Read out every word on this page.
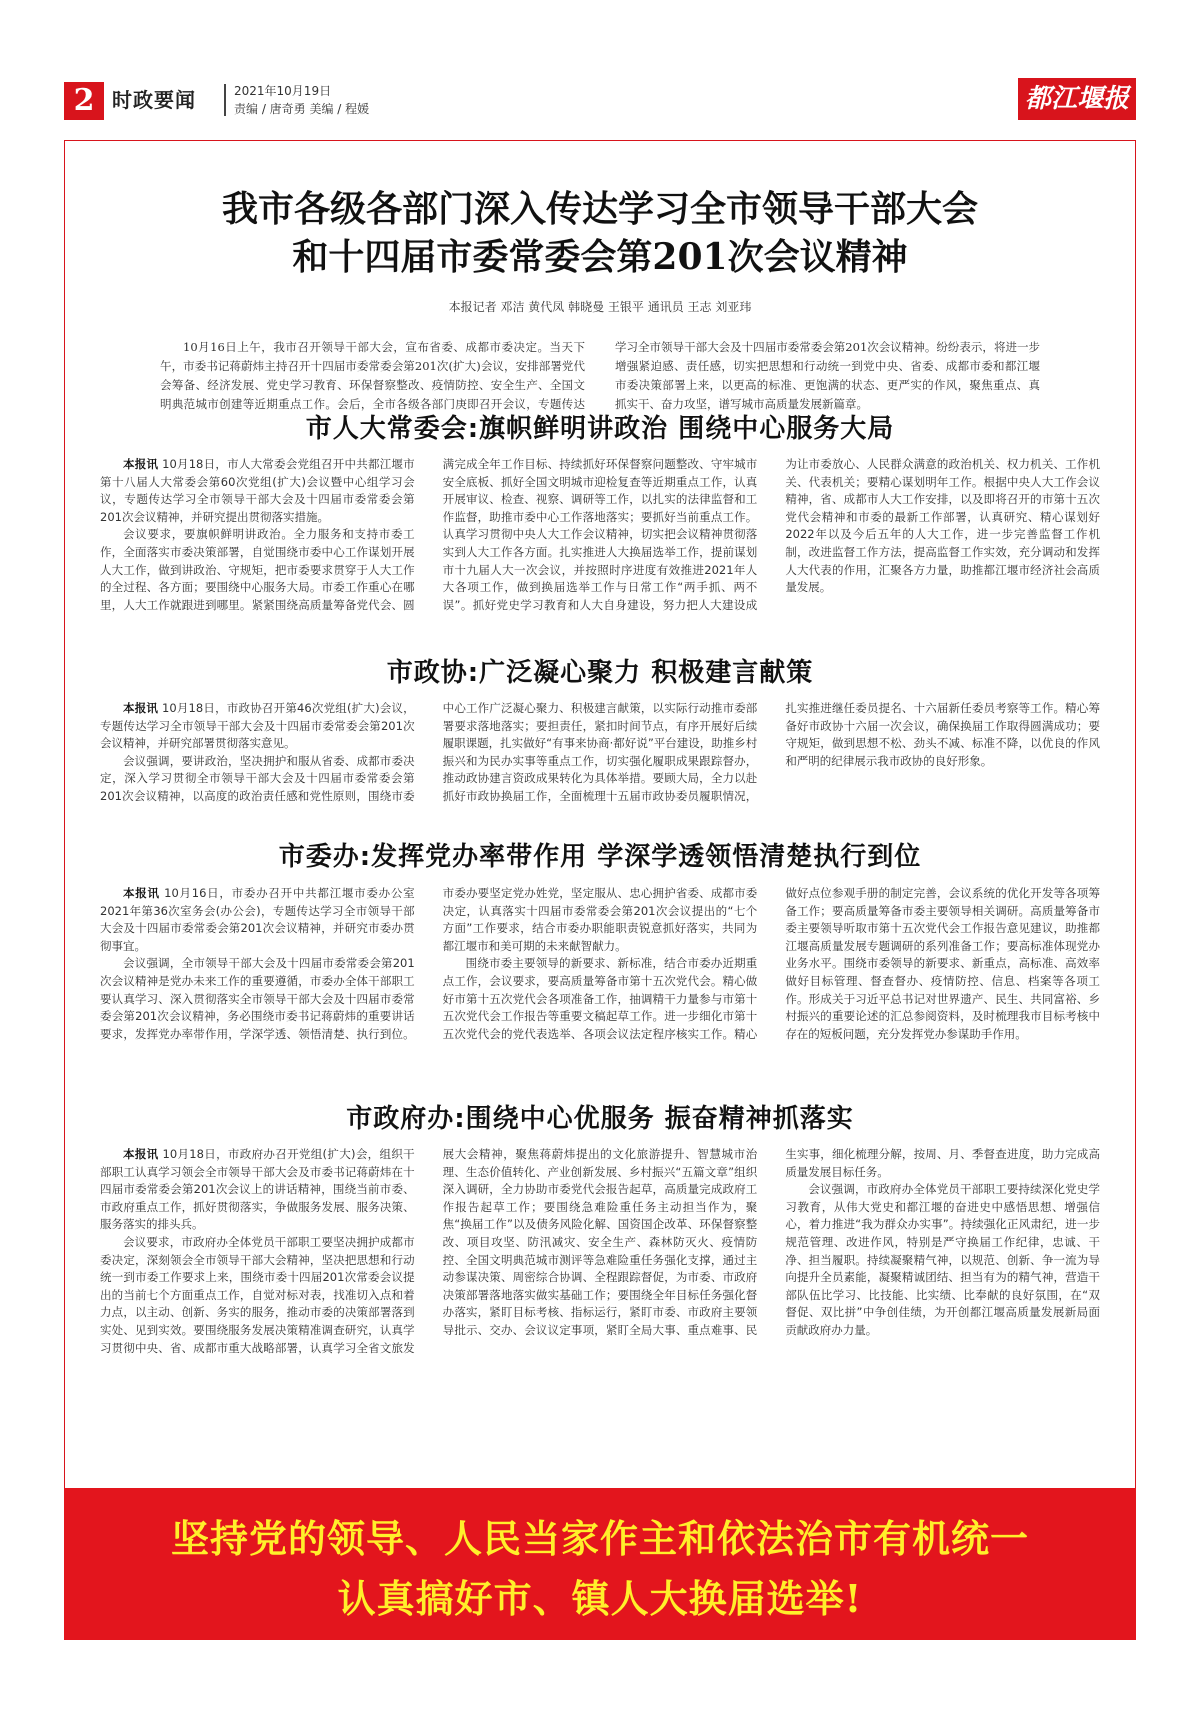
2 时政要闻	2021年10月19日
责编 / 唐奇勇 美编 / 程媛	都江堰报
我市各级各部门深入传达学习全市领导干部大会
和十四届市委常委会第201次会议精神
本报记者 邓洁 黄代凤 韩晓曼 王银平 通讯员 王志 刘亚玮

10月16日上午，我市召开领导干部大会，宣布省委、成都市委决定。当天下午，市委书记蒋蔚炜主持召开十四届市委常委会第201次(扩大)会议，安排部署党代会筹备、经济发展、党史学习教育、环保督察整改、疫情防控、安全生产、全国文明典范城市创建等近期重点工作。会后，全市各级各部门庚即召开会议，专题传达学习全市领导干部大会及十四届市委常委会第201次会议精神。纷纷表示，将进一步增强紧迫感、责任感，切实把思想和行动统一到党中央、省委、成都市委和都江堰市委决策部署上来，以更高的标准、更饱满的状态、更严实的作风，聚焦重点、真抓实干、奋力攻坚，谱写城市高质量发展新篇章。

市人大常委会:旗帜鲜明讲政治 围绕中心服务大局

本报讯 10月18日，市人大常委会党组召开中共都江堰市第十八届人大常委会第60次党组(扩大)会议暨中心组学习会议，专题传达学习全市领导干部大会及十四届市委常委会第201次会议精神，并研究提出贯彻落实措施。

会议要求，要旗帜鲜明讲政治。全力服务和支持市委工作，全面落实市委决策部署，自觉围绕市委中心工作谋划开展人大工作，做到讲政治、守规矩，把市委要求贯穿于人大工作的全过程、各方面；要围绕中心服务大局。市委工作重心在哪里，人大工作就跟进到哪里。紧紧围绕高质量筹备党代会、圆满完成全年工作目标、持续抓好环保督察问题整改、守牢城市安全底板、抓好全国文明城市迎检复查等近期重点工作，认真开展审议、检查、视察、调研等工作，以扎实的法律监督和工作监督，助推市委中心工作落地落实；要抓好当前重点工作。认真学习贯彻中央人大工作会议精神，切实把会议精神贯彻落实到人大工作各方面。扎实推进人大换届选举工作，提前谋划市十九届人大一次会议，并按照时序进度有效推进2021年人大各项工作，做到换届选举工作与日常工作“两手抓、两不误”。抓好党史学习教育和人大自身建设，努力把人大建设成为让市委放心、人民群众满意的政治机关、权力机关、工作机关、代表机关；要精心谋划明年工作。根据中央人大工作会议精神，省、成都市人大工作安排，以及即将召开的市第十五次党代会精神和市委的最新工作部署，认真研究、精心谋划好2022年以及今后五年的人大工作，进一步完善监督工作机制，改进监督工作方法，提高监督工作实效，充分调动和发挥人大代表的作用，汇聚各方力量，助推都江堰市经济社会高质量发展。

市政协:广泛凝心聚力 积极建言献策

本报讯 10月18日，市政协召开第46次党组(扩大)会议，专题传达学习全市领导干部大会及十四届市委常委会第201次会议精神，并研究部署贯彻落实意见。

会议强调，要讲政治，坚决拥护和服从省委、成都市委决定，深入学习贯彻全市领导干部大会及十四届市委常委会第201次会议精神，以高度的政治责任感和党性原则，围绕市委中心工作广泛凝心聚力、积极建言献策，以实际行动推市委部署要求落地落实；要担责任，紧扣时间节点，有序开展好后续履职课题，扎实做好“有事来协商·都好说”平台建设，助推乡村振兴和为民办实事等重点工作，切实强化履职成果跟踪督办，推动政协建言资政成果转化为具体举措。要顾大局，全力以赴抓好市政协换届工作，全面梳理十五届市政协委员履职情况，扎实推进继任委员提名、十六届新任委员考察等工作。精心筹备好市政协十六届一次会议，确保换届工作取得圆满成功；要守规矩，做到思想不松、劲头不减、标准不降，以优良的作风和严明的纪律展示我市政协的良好形象。

市委办:发挥党办率带作用 学深学透领悟清楚执行到位

本报讯 10月16日，市委办召开中共都江堰市委办公室2021年第36次室务会(办公会)，专题传达学习全市领导干部大会及十四届市委常委会第201次会议精神，并研究市委办贯彻事宜。

会议强调，全市领导干部大会及十四届市委常委会第201次会议精神是党办未来工作的重要遵循，市委办全体干部职工要认真学习、深入贯彻落实全市领导干部大会及十四届市委常委会第201次会议精神，务必围绕市委书记蒋蔚炜的重要讲话要求，发挥党办率带作用，学深学透、领悟清楚、执行到位。市委办要坚定党办姓党，坚定服从、忠心拥护省委、成都市委决定，认真落实十四届市委常委会第201次会议提出的“七个方面”工作要求，结合市委办职能职责锐意抓好落实，共同为都江堰市和美可期的未来献智献力。

围绕市委主要领导的新要求、新标准，结合市委办近期重点工作，会议要求，要高质量筹备市第十五次党代会。精心做好市第十五次党代会各项准备工作，抽调精干力量参与市第十五次党代会工作报告等重要文稿起草工作。进一步细化市第十五次党代会的党代表选举、各项会议法定程序核实工作。精心做好点位参观手册的制定完善，会议系统的优化开发等各项筹备工作；要高质量筹备市委主要领导相关调研。高质量筹备市委主要领导听取市第十五次党代会工作报告意见建议，助推都江堰高质量发展专题调研的系列准备工作；要高标准体现党办业务水平。围绕市委领导的新要求、新重点，高标准、高效率做好目标管理、督查督办、疫情防控、信息、档案等各项工作。形成关于习近平总书记对世界遗产、民生、共同富裕、乡村振兴的重要论述的汇总参阅资料，及时梳理我市目标考核中存在的短板问题，充分发挥党办参谋助手作用。

市政府办:围绕中心优服务 振奋精神抓落实

本报讯 10月18日，市政府办召开党组(扩大)会，组织干部职工认真学习领会全市领导干部大会及市委书记蒋蔚炜在十四届市委常委会第201次会议上的讲话精神，围绕当前市委、市政府重点工作，抓好贯彻落实，争做服务发展、服务决策、服务落实的排头兵。

会议要求，市政府办全体党员干部职工要坚决拥护成都市委决定，深刻领会全市领导干部大会精神，坚决把思想和行动统一到市委工作要求上来，围绕市委十四届201次常委会议提出的当前七个方面重点工作，自觉对标对表，找准切入点和着力点，以主动、创新、务实的服务，推动市委的决策部署落到实处、见到实效。要围绕服务发展决策精准调查研究，认真学习贯彻中央、省、成都市重大战略部署，认真学习全省文旅发展大会精神，聚焦蒋蔚炜提出的文化旅游提升、智慧城市治理、生态价值转化、产业创新发展、乡村振兴“五篇文章”组织深入调研，全力协助市委党代会报告起草，高质量完成政府工作报告起草工作；要围绕急难险重任务主动担当作为，聚焦“换届工作”以及债务风险化解、国资国企改革、环保督察整改、项目攻坚、防汛减灾、安全生产、森林防灭火、疫情防控、全国文明典范城市测评等急难险重任务强化支撑，通过主动参谋决策、周密综合协调、全程跟踪督促，为市委、市政府决策部署落地落实做实基础工作；要围绕全年目标任务强化督办落实，紧盯目标考核、指标运行，紧盯市委、市政府主要领导批示、交办、会议议定事项，紧盯全局大事、重点难事、民生实事，细化梳理分解，按周、月、季督查进度，助力完成高质量发展目标任务。

会议强调，市政府办全体党员干部职工要持续深化党史学习教育，从伟大党史和都江堰的奋进史中感悟思想、增强信心，着力推进“我为群众办实事”。持续强化正风肃纪，进一步规范管理、改进作风，特别是严守换届工作纪律，忠诚、干净、担当履职。持续凝聚精气神，以规范、创新、争一流为导向提升全员素能，凝聚精诚团结、担当有为的精气神，营造干部队伍比学习、比技能、比实绩、比奉献的良好氛围，在“双督促、双比拼”中争创佳绩，为开创都江堰高质量发展新局面贡献政府办力量。

坚持党的领导、人民当家作主和依法治市有机统一
认真搞好市、镇人大换届选举!
